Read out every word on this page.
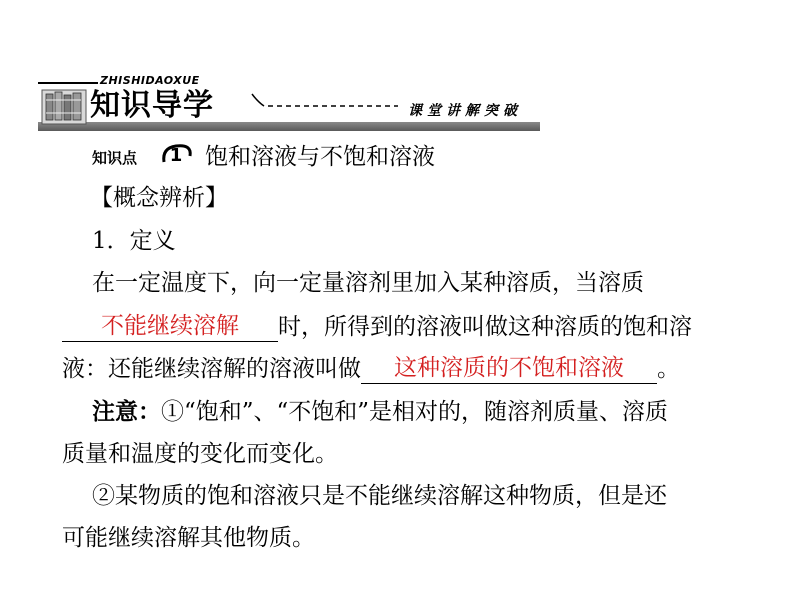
ZHISHIDAOXUE
知识导学	课堂讲解突破
知识点 1 饱和溶液与不饱和溶液
【概念辨析】
1．定义
在一定温度下，向一定量溶剂里加入某种溶质，当溶质
不能继续溶解	时，所得到的溶液叫做这种溶质的饱和溶
液：还能继续溶解的溶液叫做	这种溶质的不饱和溶液	。
注意：①“饱和”、“不饱和”是相对的，随溶剂质量、溶质
质量和温度的变化而变化。
②某物质的饱和溶液只是不能继续溶解这种物质，但是还
可能继续溶解其他物质。
